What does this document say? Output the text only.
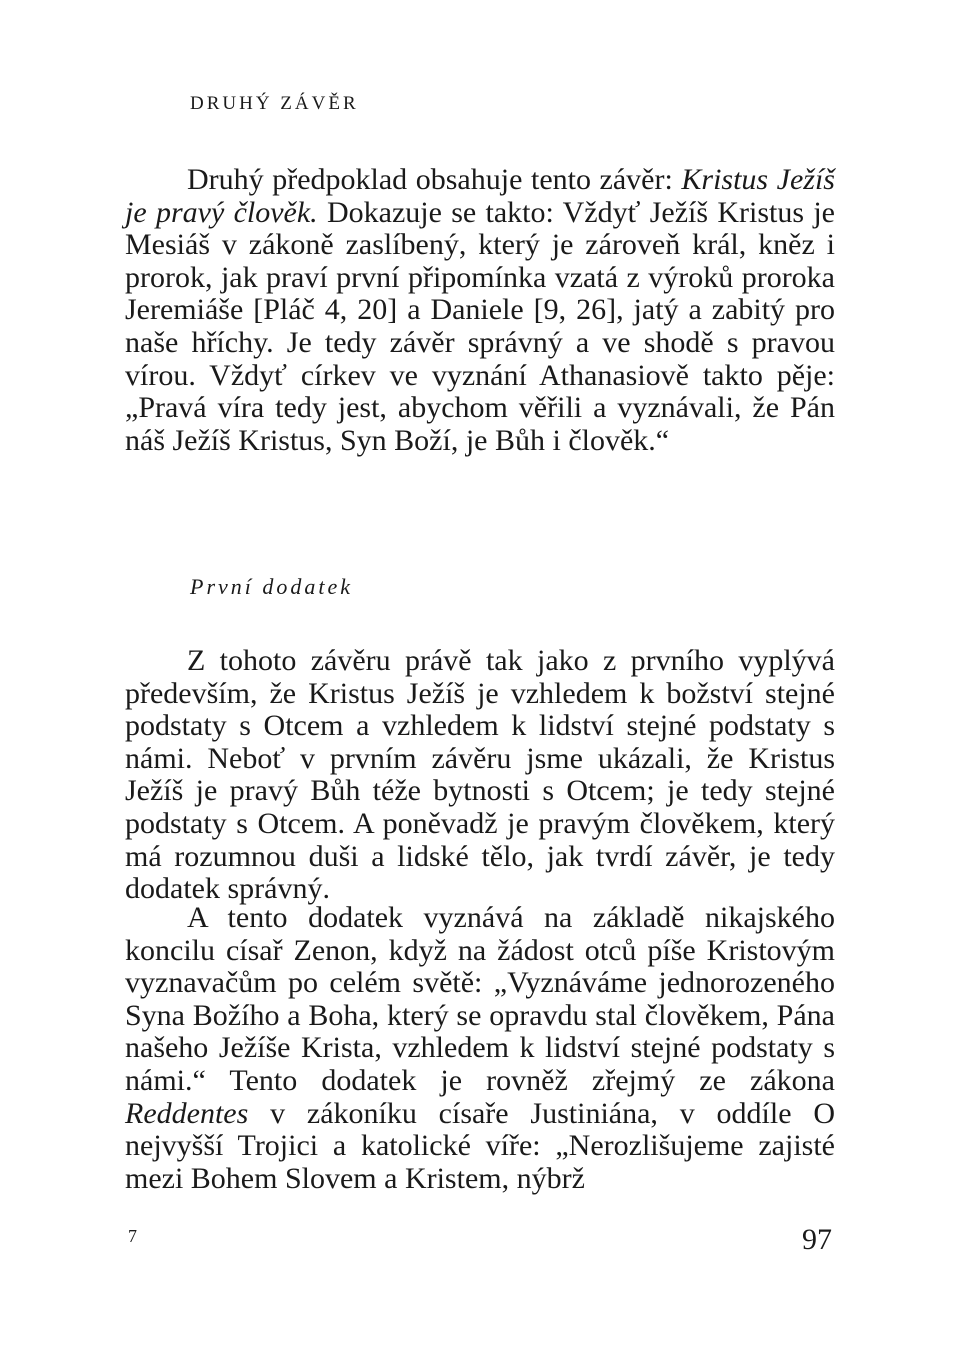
DRUHÝ ZÁVĚR

Druhý předpoklad obsahuje tento závěr: Kristus Ježíš je pravý člověk. Dokazuje se takto: Vždyť Ježíš Kristus je Mesiáš v zákoně zaslíbený, který je zároveň král, kněz i prorok, jak praví první připomínka vzatá z výroků proroka Jeremiáše [Pláč 4, 20] a Daniele [9, 26], jatý a zabitý pro naše hříchy. Je tedy závěr správný a ve shodě s pravou vírou. Vždyť církev ve vyznání Athanasiově takto pěje: „Pravá víra tedy jest, abychom věřili a vyznávali, že Pán náš Ježíš Kristus, Syn Boží, je Bůh i člověk.“

První dodatek

Z tohoto závěru právě tak jako z prvního vyplývá především, že Kristus Ježíš je vzhledem k božství stejné podstaty s Otcem a vzhledem k lidství stejné podstaty s námi. Neboť v prvním závěru jsme ukázali, že Kristus Ježíš je pravý Bůh téže bytnosti s Otcem; je tedy stejné podstaty s Otcem. A poněvadž je pravým člověkem, který má rozumnou duši a lidské tělo, jak tvrdí závěr, je tedy dodatek správný.

A tento dodatek vyznává na základě nikajského koncilu císař Zenon, když na žádost otců píše Kristovým vyznavačům po celém světě: „Vyznáváme jednorozeného Syna Božího a Boha, který se opravdu stal člověkem, Pána našeho Ježíše Krista, vzhledem k lidství stejné podstaty s námi.“ Tento dodatek je rovněž zřejmý ze zákona Reddentes v zákoníku císaře Justiniána, v oddíle O nejvyšší Trojici a katolické víře: „Nerozlišujeme zajisté mezi Bohem Slovem a Kristem, nýbrž

7	97
